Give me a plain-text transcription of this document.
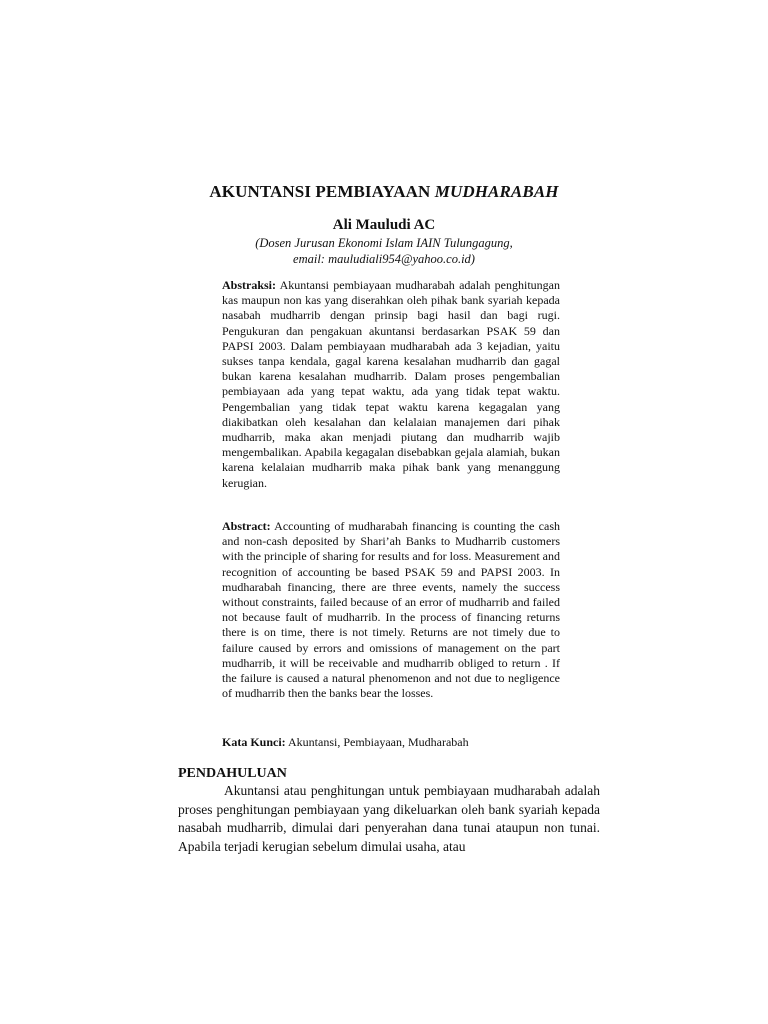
AKUNTANSI PEMBIAYAAN MUDHARABAH
Ali Mauludi AC
(Dosen Jurusan Ekonomi Islam IAIN Tulungagung,
email: mauludiali954@yahoo.co.id)
Abstraksi: Akuntansi pembiayaan mudharabah adalah penghitungan kas maupun non kas yang diserahkan oleh pihak bank syariah kepada nasabah mudharrib dengan prinsip bagi hasil dan bagi rugi. Pengukuran dan pengakuan akuntansi berdasarkan PSAK 59 dan PAPSI 2003. Dalam pembiayaan mudharabah ada 3 kejadian, yaitu sukses tanpa kendala, gagal karena kesalahan mudharrib dan gagal bukan karena kesalahan mudharrib. Dalam proses pengembalian pembiayaan ada yang tepat waktu, ada yang tidak tepat waktu. Pengembalian yang tidak tepat waktu karena kegagalan yang diakibatkan oleh kesalahan dan kelalaian manajemen dari pihak mudharrib, maka akan menjadi piutang dan mudharrib wajib mengembalikan. Apabila kegagalan disebabkan gejala alamiah, bukan karena kelalaian mudharrib maka pihak bank yang menanggung kerugian.
Abstract: Accounting of mudharabah financing is counting the cash and non-cash deposited by Shari’ah Banks to Mudharrib customers with the principle of sharing for results and for loss. Measurement and recognition of accounting be based PSAK 59 and PAPSI 2003. In mudharabah financing, there are three events, namely the success without constraints, failed because of an error of mudharrib and failed not because fault of mudharrib. In the process of financing returns there is on time, there is not timely. Returns are not timely due to failure caused by errors and omissions of management on the part mudharrib, it will be receivable and mudharrib obliged to return . If the failure is caused a natural phenomenon and not due to negligence of mudharrib then the banks bear the losses.
Kata Kunci: Akuntansi, Pembiayaan, Mudharabah
PENDAHULUAN

Akuntansi atau penghitungan untuk pembiayaan mudharabah adalah proses penghitungan pembiayaan yang dikeluarkan oleh bank syariah kepada nasabah mudharrib, dimulai dari penyerahan dana tunai ataupun non tunai. Apabila terjadi kerugian sebelum dimulai usaha, atau
